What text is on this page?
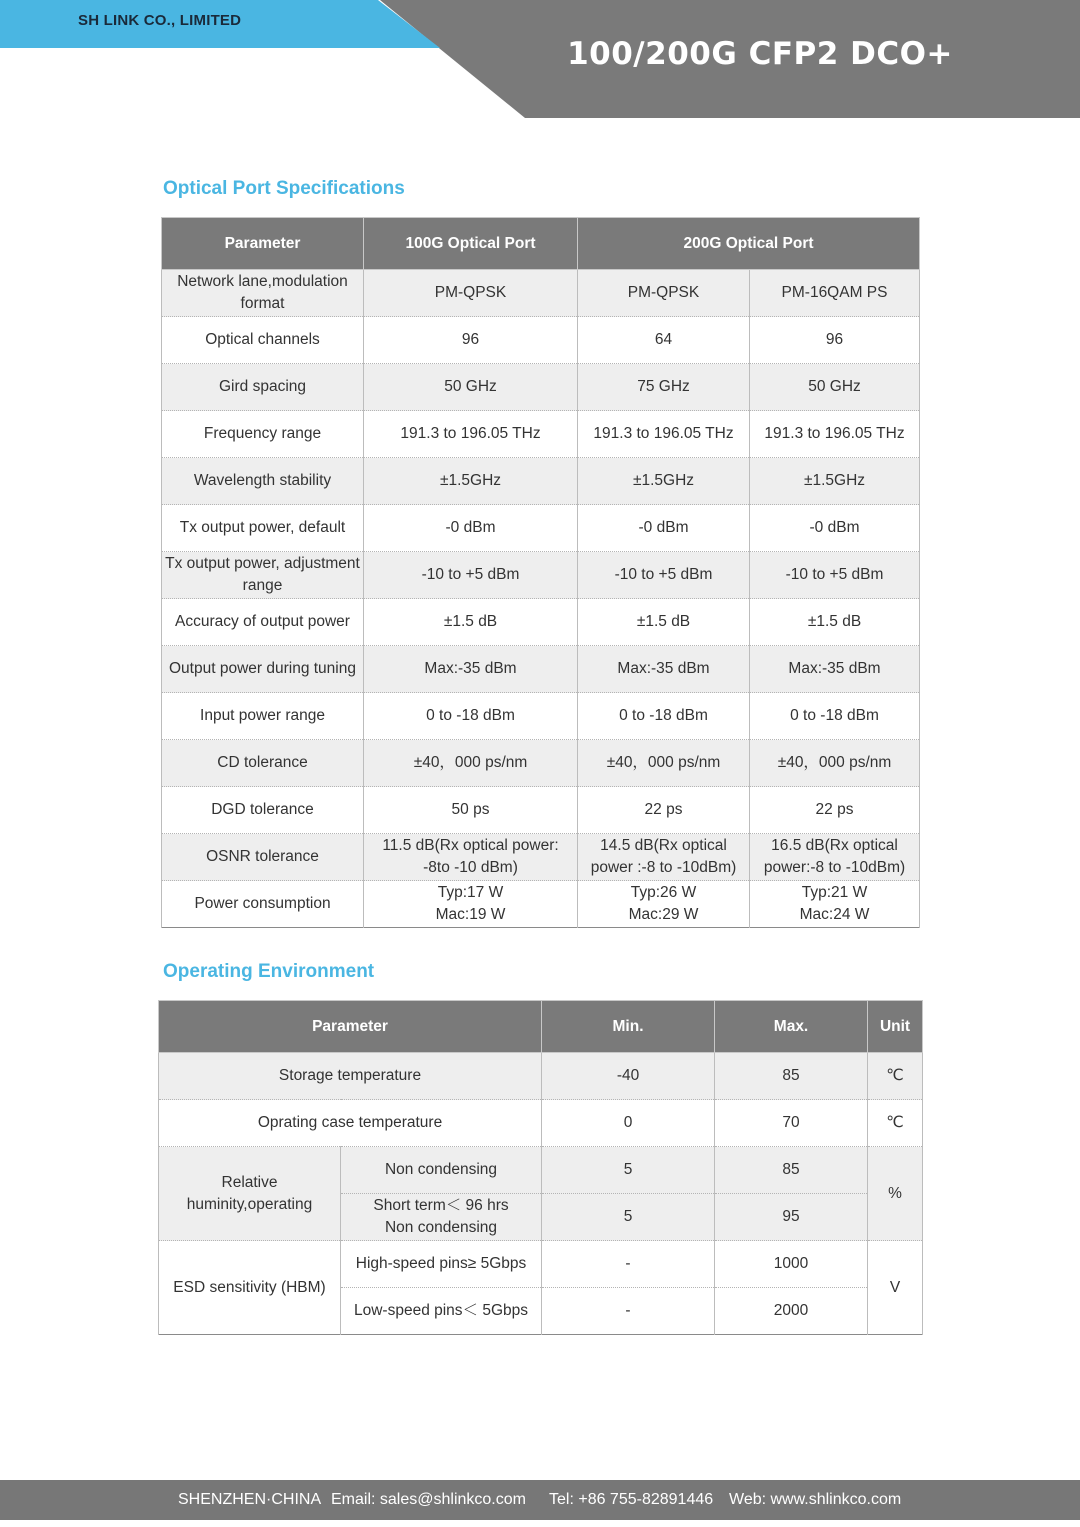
SH LINK CO., LIMITED
100/200G CFP2 DCO+
Optical Port Specifications
Parameter	100G Optical Port	200G Optical Port	
Network lane,modulation format	PM-QPSK	PM-QPSK	PM-16QAM PS
Optical channels	96	64	96
Gird spacing	50 GHz	75 GHz	50 GHz
Frequency range	191.3 to 196.05 THz	191.3 to 196.05 THz	191.3 to 196.05 THz
Wavelength stability	±1.5GHz	±1.5GHz	±1.5GHz
Tx output power, default	-0 dBm	-0 dBm	-0 dBm
Tx output power, adjustment range	-10 to +5 dBm	-10 to +5 dBm	-10 to +5 dBm
Accuracy of output power	±1.5 dB	±1.5 dB	±1.5 dB
Output power during tuning	Max:-35 dBm	Max:-35 dBm	Max:-35 dBm
Input power range	0 to -18 dBm	0 to -18 dBm	0 to -18 dBm
CD tolerance	±40，000 ps/nm	±40，000 ps/nm	±40，000 ps/nm
DGD tolerance	50 ps	22 ps	22 ps
OSNR tolerance	11.5 dB(Rx optical power: -8to -10 dBm)	14.5 dB(Rx optical power :-8 to -10dBm)	16.5 dB(Rx optical power:-8 to -10dBm)
Power consumption	Typ:17 W Mac:19 W	Typ:26 W Mac:29 W	Typ:21 W Mac:24 W
Operating Environment
Parameter		Min.	Max.	Unit
Storage temperature		-40	85	℃
Oprating case temperature		0	70	℃
Relative huminity,operating	Non condensing	5	85	%
	Short term＜ 96 hrs Non condensing	5	95	
ESD sensitivity (HBM)	High-speed pins≥ 5Gbps	-	1000	V
	Low-speed pins＜ 5Gbps	-	2000	
SHENZHEN·CHINA Email: sales@shlinkco.com Tel: +86 755-82891446 Web: www.shlinkco.com
